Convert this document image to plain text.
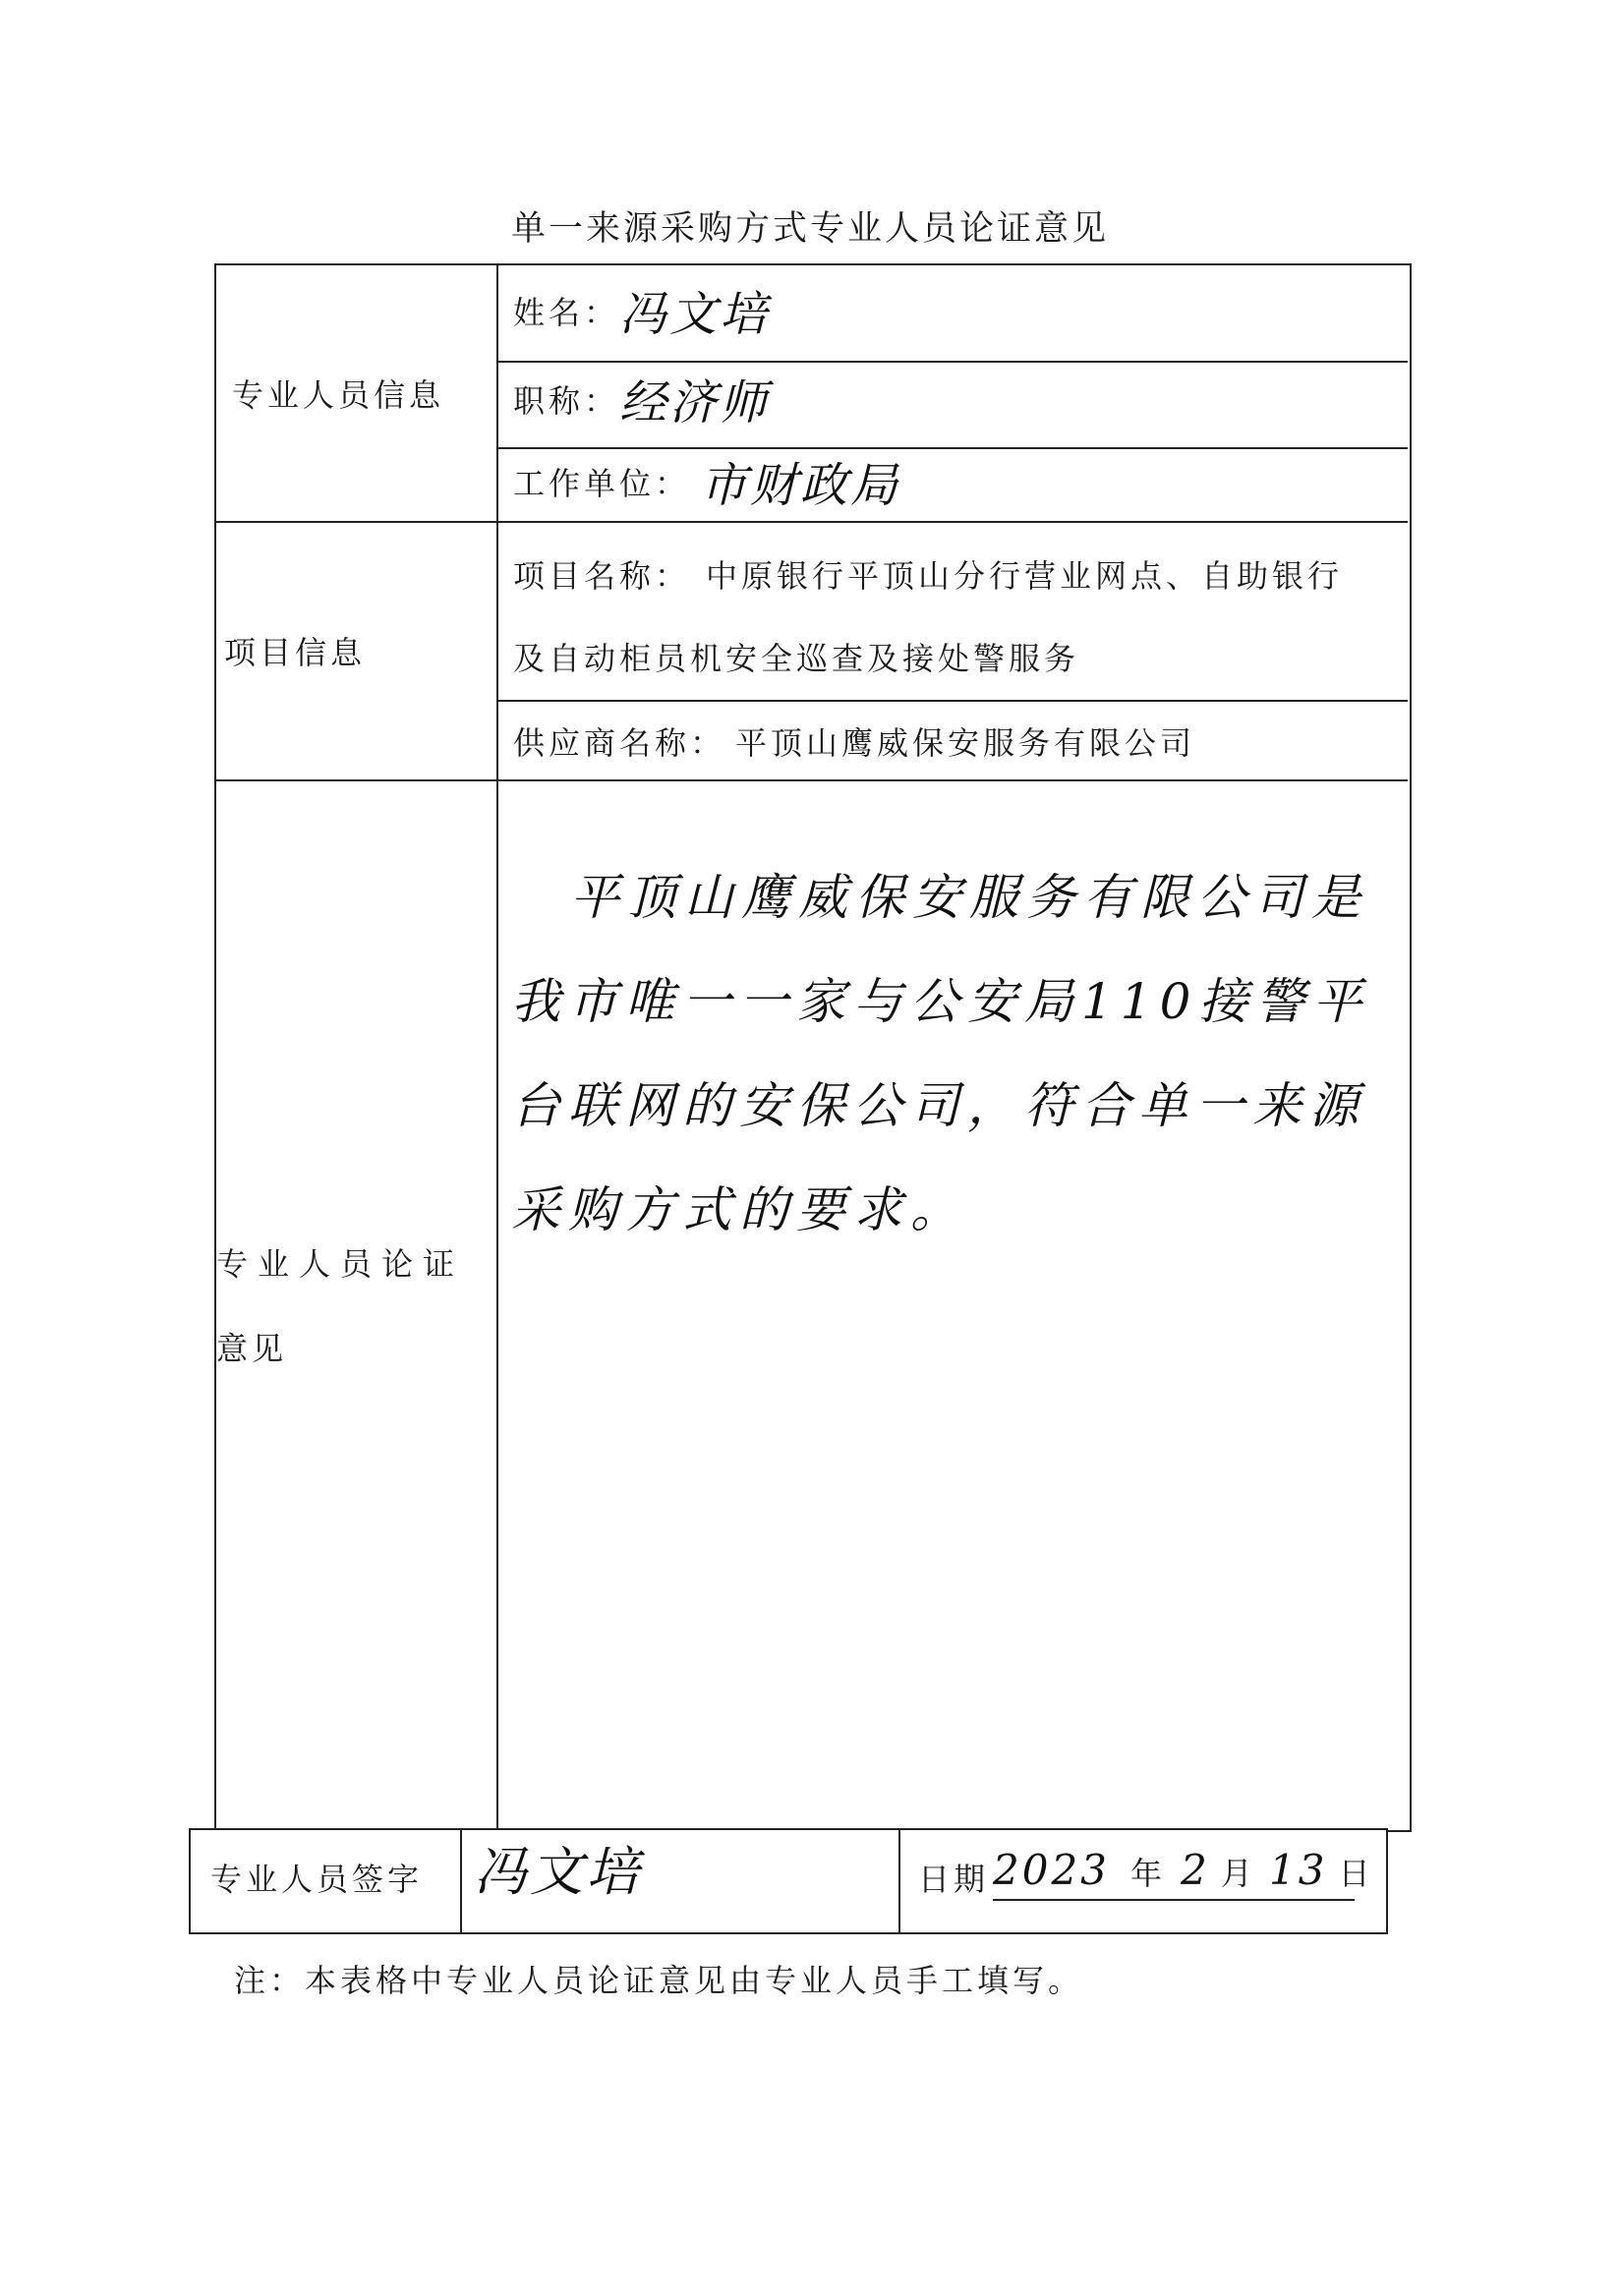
单一来源采购方式专业人员论证意见
专业人员信息
姓名： 冯文培
职称： 经济师
工作单位： 市财政局
项目信息
项目名称： 中原银行平顶山分行营业网点、自助银行
及自动柜员机安全巡查及接处警服务
供应商名称： 平顶山鹰威保安服务有限公司
专业人员论证
意见
平顶山鹰威保安服务有限公司是我市唯一一家与公安局110接警平台联网的安保公司，符合单一来源采购方式的要求。
专业人员签字 冯文培	日期 2023 年 2 月 13 日
注：本表格中专业人员论证意见由专业人员手工填写。
